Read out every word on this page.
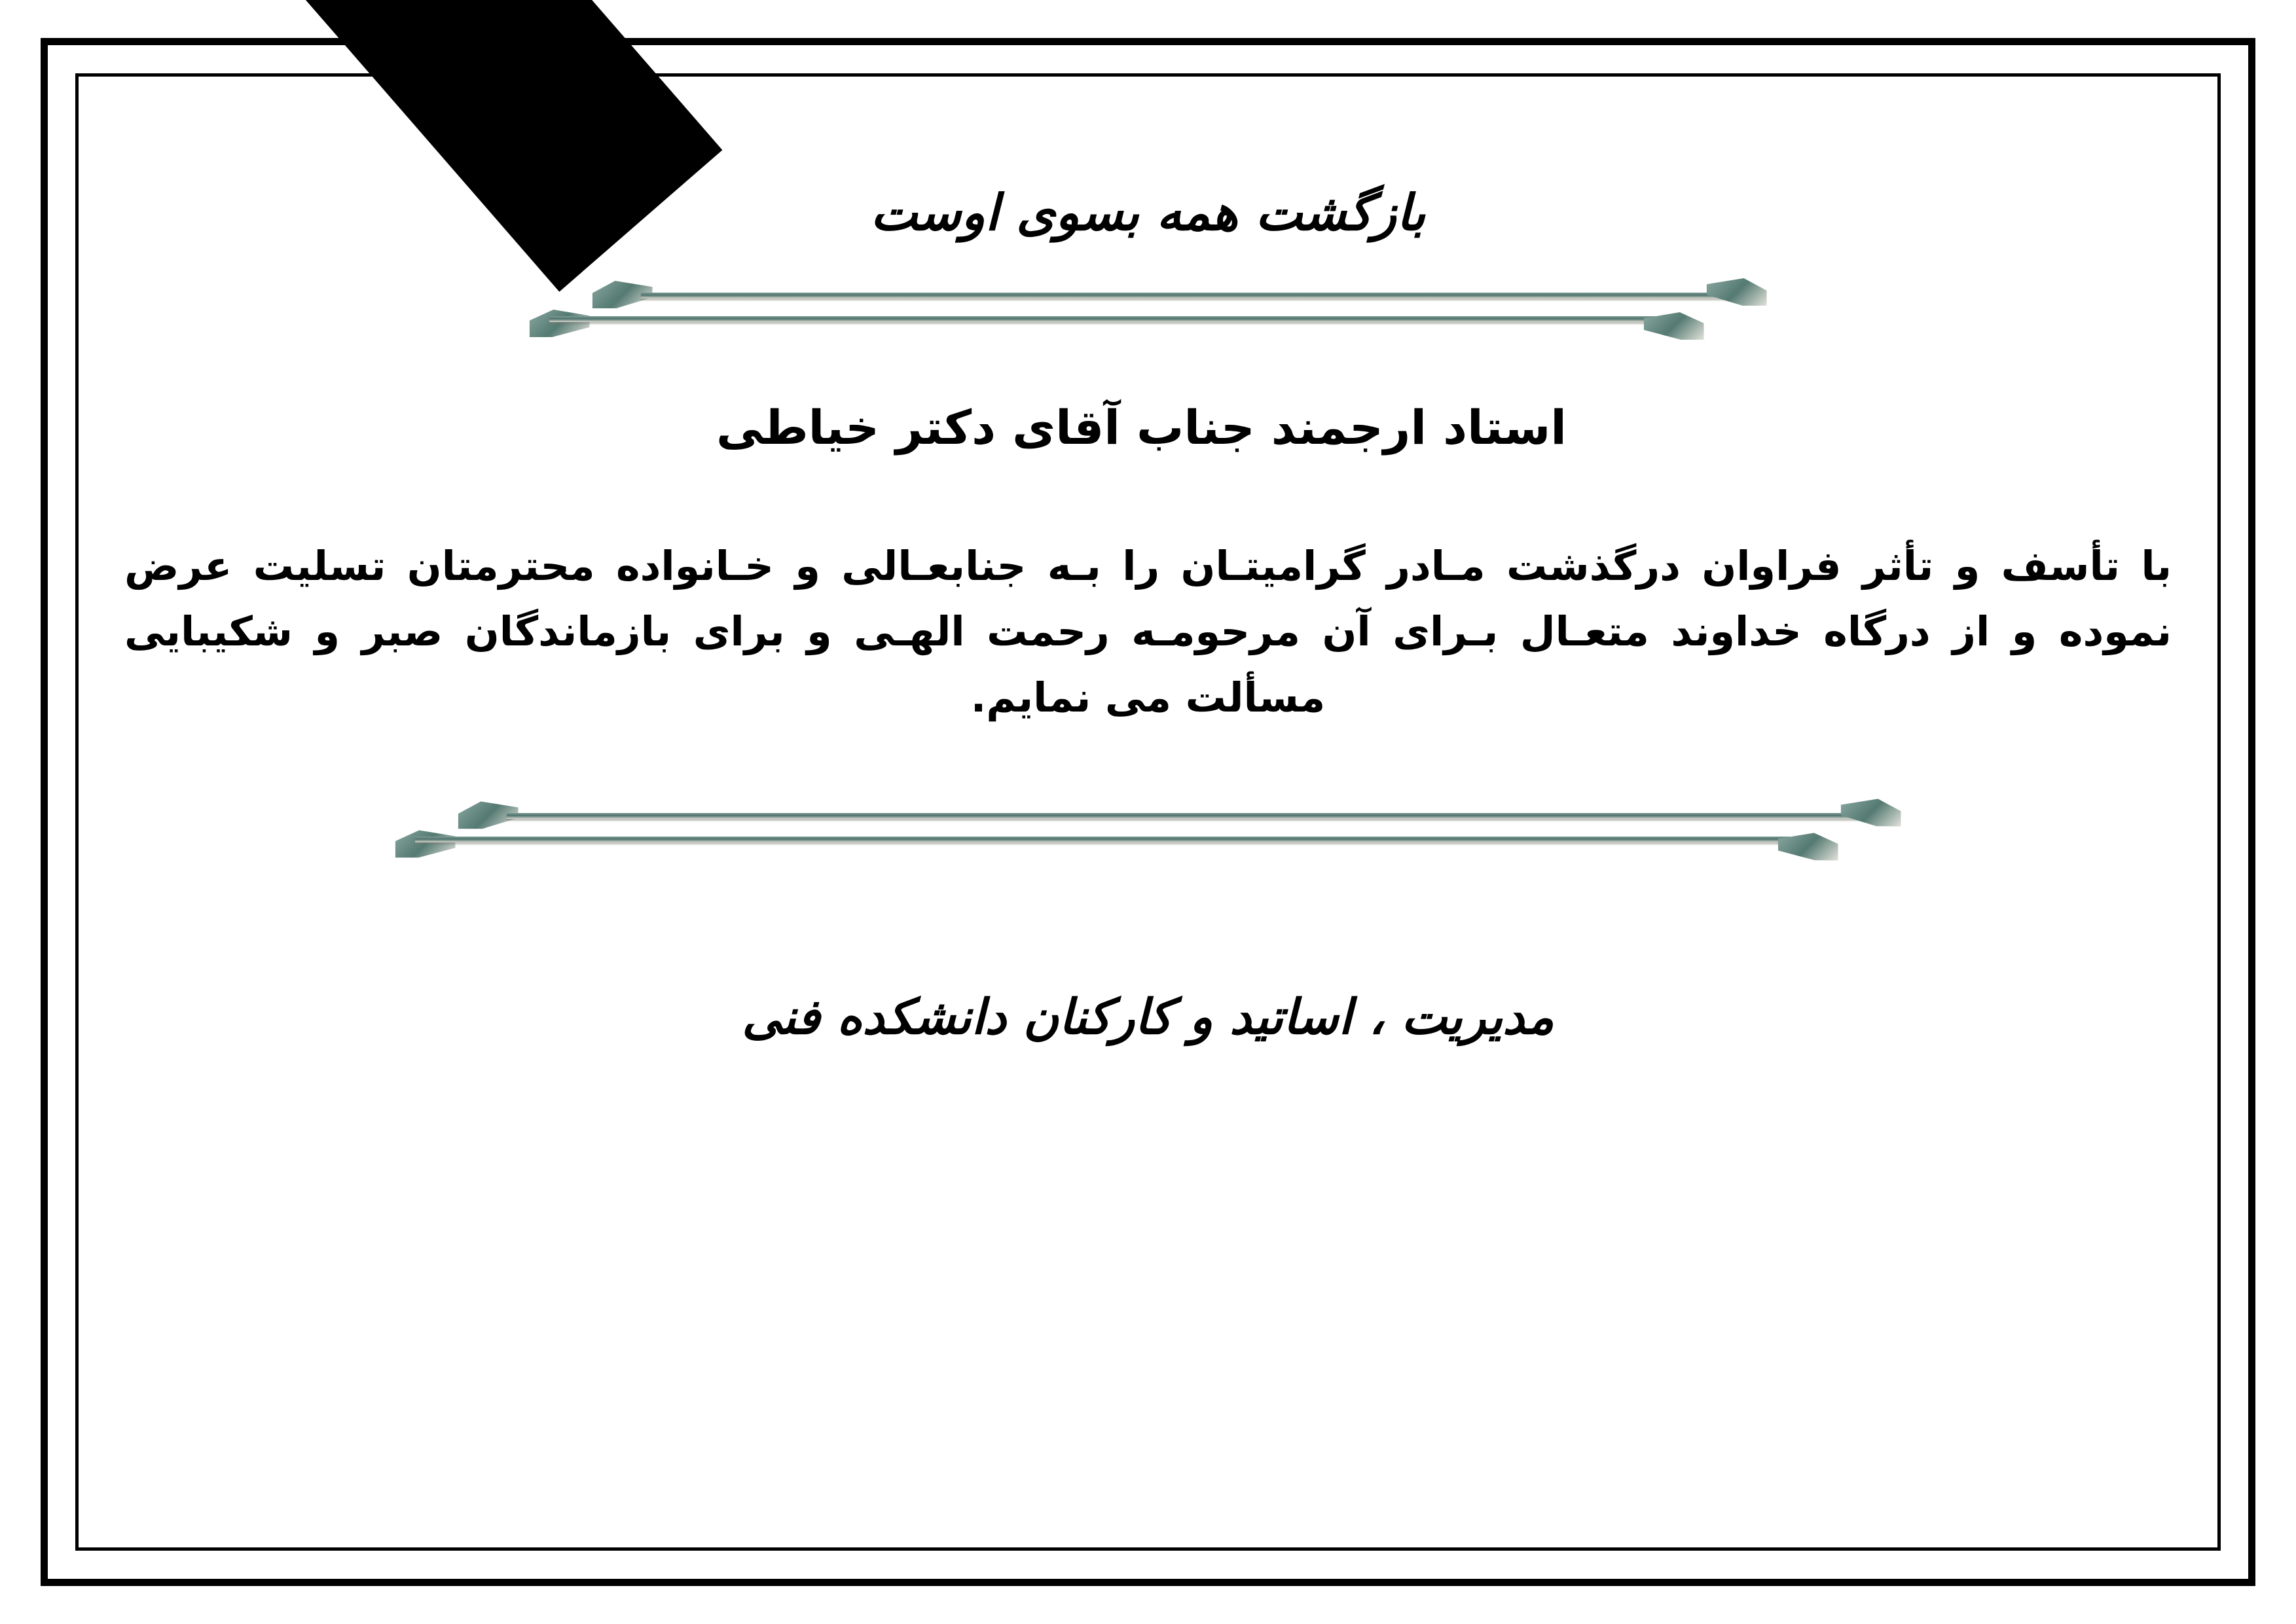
بازگشت همه بسوی اوست
استاد ارجمند جناب آقای دکتر خیاطی
با تأسف و تأثر فراوان درگذشت مـادر گرامیتـان را بـه جنابعـالی و خـانواده محترمتان تسلیت عرض نموده و از درگاه خداوند متعـال بـرای آن مرحومـه رحمت الهـی و برای بازماندگان صبر و شکیبایی مسألت می نمایم.
مدیریت ، اساتید و کارکنان دانشکده فنی
